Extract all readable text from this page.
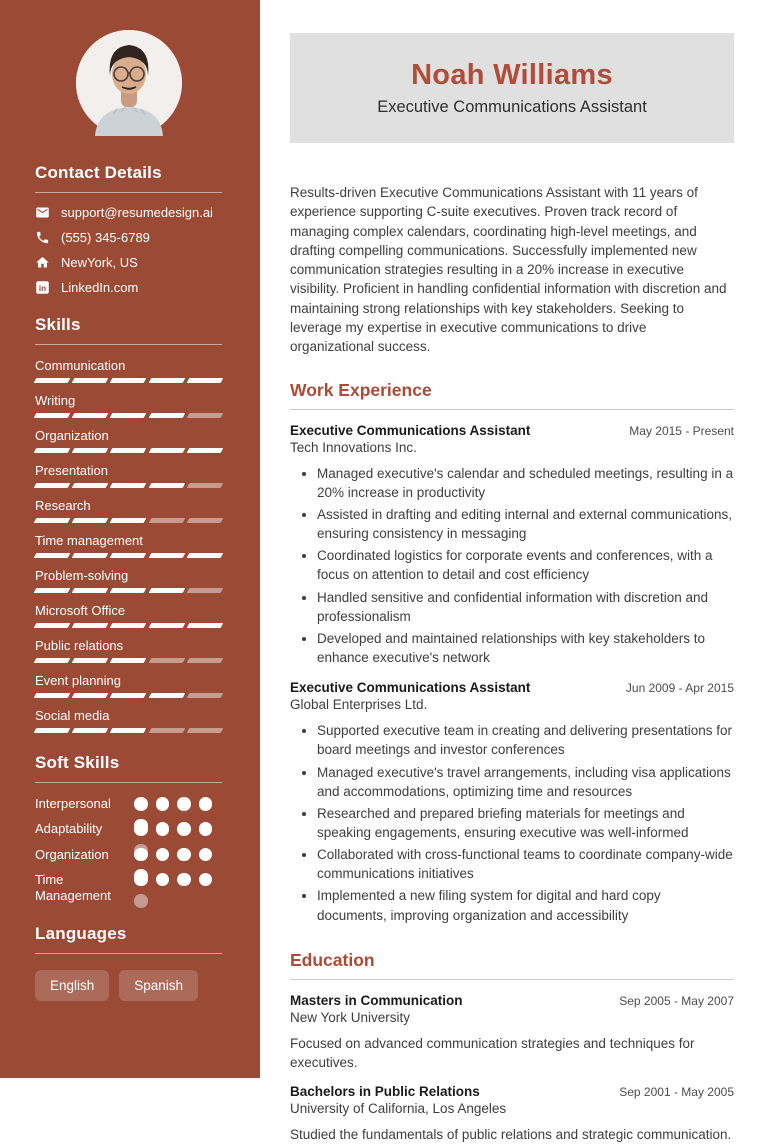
Contact Details
support@resumedesign.ai
(555) 345-6789
NewYork, US
in LinkedIn.com
Skills
Communication
Writing
Organization
Presentation
Research
Time management
Problem-solving
Microsoft Office
Public relations
Event planning
Social media
Soft Skills
Interpersonal
Adaptability
Organization
Time Management
Languages
English	Spanish
Noah Williams
Executive Communications Assistant

Results-driven Executive Communications Assistant with 11 years of experience supporting C-suite executives. Proven track record of managing complex calendars, coordinating high-level meetings, and drafting compelling communications. Successfully implemented new communication strategies resulting in a 20% increase in executive visibility. Proficient in handling confidential information with discretion and maintaining strong relationships with key stakeholders. Seeking to leverage my expertise in executive communications to drive organizational success.

Work Experience
Executive Communications Assistant	May 2015 - Present
Tech Innovations Inc.
• Managed executive's calendar and scheduled meetings, resulting in a 20% increase in productivity
• Assisted in drafting and editing internal and external communications, ensuring consistency in messaging
• Coordinated logistics for corporate events and conferences, with a focus on attention to detail and cost efficiency
• Handled sensitive and confidential information with discretion and professionalism
• Developed and maintained relationships with key stakeholders to enhance executive's network
Executive Communications Assistant	Jun 2009 - Apr 2015
Global Enterprises Ltd.
• Supported executive team in creating and delivering presentations for board meetings and investor conferences
• Managed executive's travel arrangements, including visa applications and accommodations, optimizing time and resources
• Researched and prepared briefing materials for meetings and speaking engagements, ensuring executive was well-informed
• Collaborated with cross-functional teams to coordinate company-wide communications initiatives
• Implemented a new filing system for digital and hard copy documents, improving organization and accessibility
Education
Masters in Communication	Sep 2005 - May 2007
New York University

Focused on advanced communication strategies and techniques for executives.

Bachelors in Public Relations	Sep 2001 - May 2005
University of California, Los Angeles

Studied the fundamentals of public relations and strategic communication.
